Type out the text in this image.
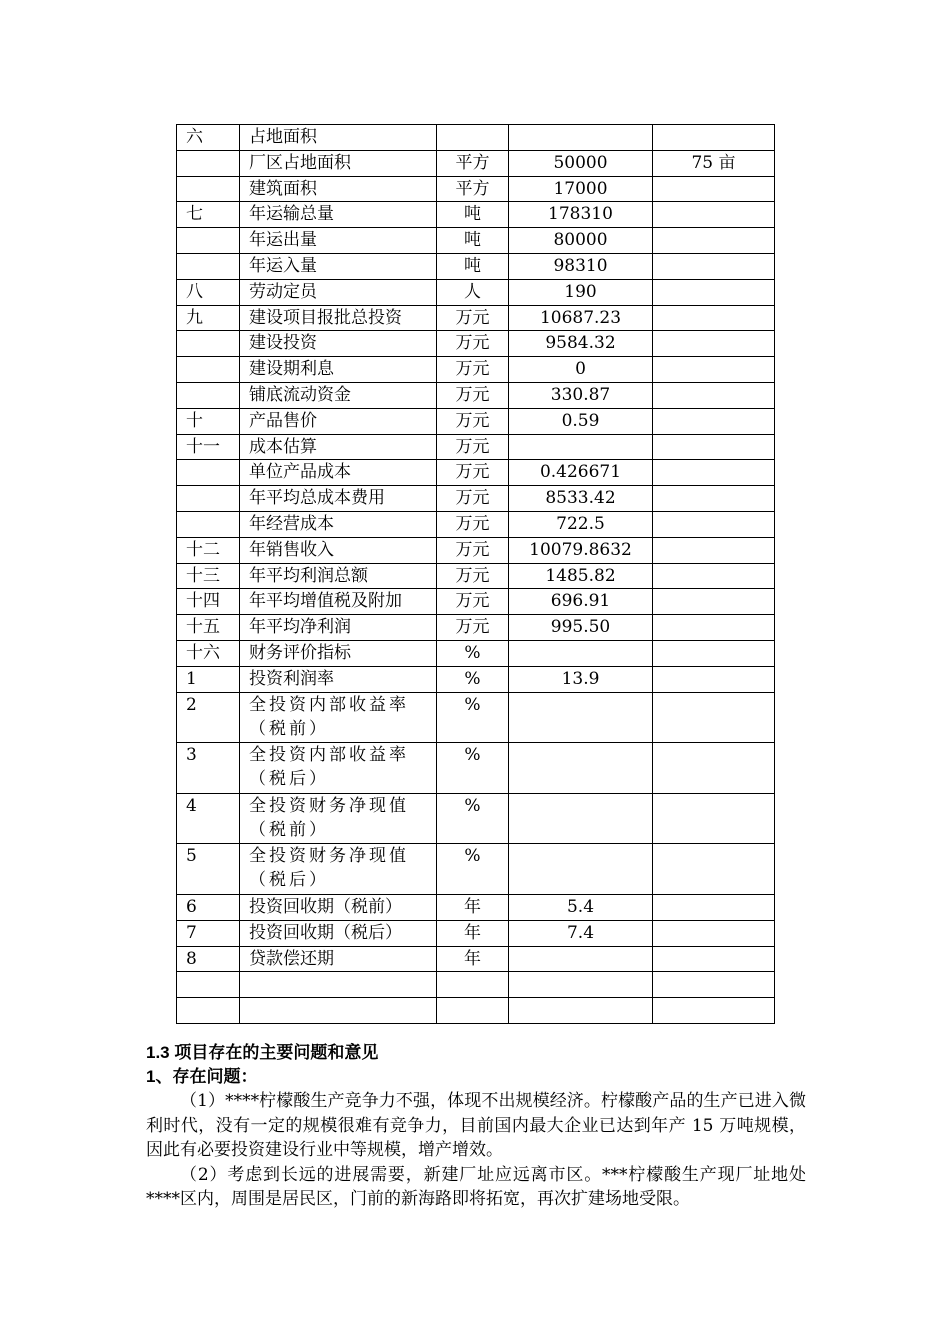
六	占地面积			
	厂区占地面积	平方	50000	75 亩
	建筑面积	平方	17000	
七	年运输总量	吨	178310	
	年运出量	吨	80000	
	年运入量	吨	98310	
八	劳动定员	人	190	
九	建设项目报批总投资	万元	10687.23	
	建设投资	万元	9584.32	
	建设期利息	万元	0	
	铺底流动资金	万元	330.87	
十	产品售价	万元	0.59	
十一	成本估算	万元		
	单位产品成本	万元	0.426671	
	年平均总成本费用	万元	8533.42	
	年经营成本	万元	722.5	
十二	年销售收入	万元	10079.8632	
十三	年平均利润总额	万元	1485.82	
十四	年平均增值税及附加	万元	696.91	
十五	年平均净利润	万元	995.50	
十六	财务评价指标	%		
1	投资利润率	%	13.9	
2	全投资内部收益率（税前）	%		
3	全投资内部收益率（税后）	%		
4	全投资财务净现值（税前）	%		
5	全投资财务净现值（税后）	%		
6	投资回收期（税前）	年	5.4	
7	投资回收期（税后）	年	7.4	
8	贷款偿还期	年		

1.3 项目存在的主要问题和意见
1、存在问题：

（1）****柠檬酸生产竞争力不强，体现不出规模经济。柠檬酸产品的生产已进入微利时代，没有一定的规模很难有竞争力，目前国内最大企业已达到年产 15 万吨规模，因此有必要投资建设行业中等规模，增产增效。

（2）考虑到长远的进展需要，新建厂址应远离市区。***柠檬酸生产现厂址地处****区内，周围是居民区，门前的新海路即将拓宽，再次扩建场地受限。
